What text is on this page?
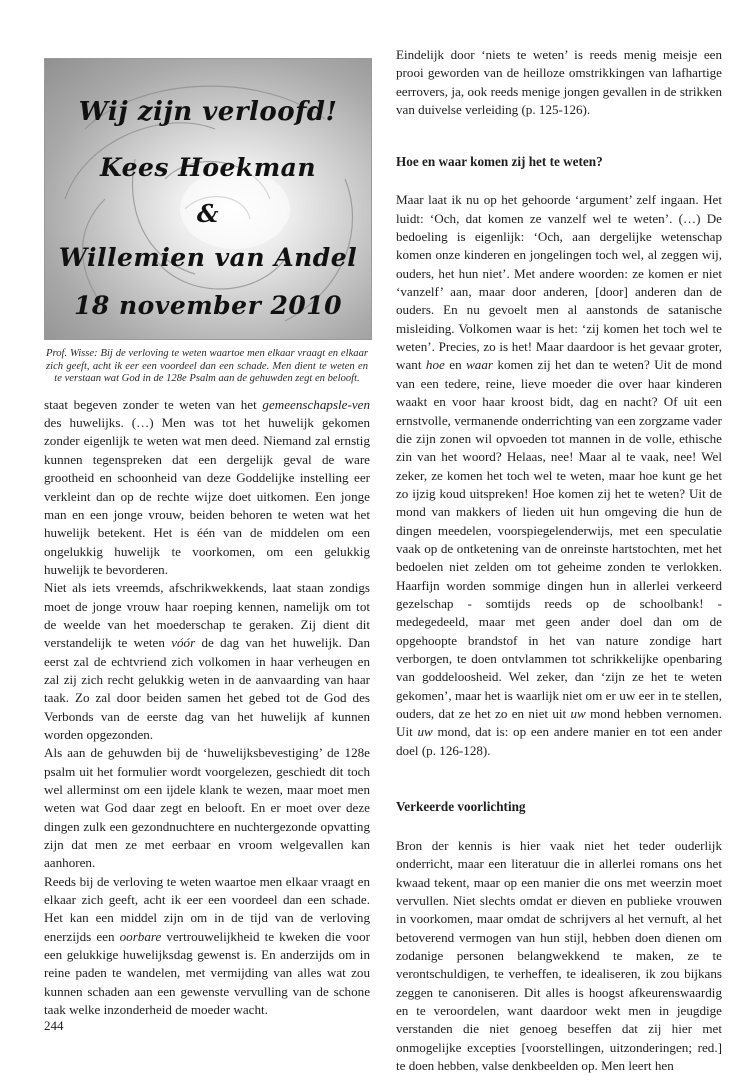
Wij zijn verloofd!
Kees Hoekman
&
Willemien van Andel
18 november 2010
Prof. Wisse: Bij de verloving te weten waartoe men elkaar vraagt en elkaar zich geeft, acht ik eer een voordeel dan een schade. Men dient te weten en te verstaan wat God in de 128e Psalm aan de gehuwden zegt en belooft.

staat begeven zonder te weten van het gemeenschapsle-ven des huwelijks. (…) Men was tot het huwelijk gekomen zonder eigenlijk te weten wat men deed. Niemand zal ernstig kunnen tegenspreken dat een dergelijk geval de ware grootheid en schoonheid van deze Goddelijke instelling eer verkleint dan op de rechte wijze doet uitkomen. Een jonge man en een jonge vrouw, beiden behoren te weten wat het huwelijk betekent. Het is één van de middelen om een ongelukkig huwelijk te voorkomen, om een gelukkig huwelijk te bevorderen.

Niet als iets vreemds, afschrikwekkends, laat staan zondigs moet de jonge vrouw haar roeping kennen, namelijk om tot de weelde van het moederschap te geraken. Zij dient dit verstandelijk te weten vóór de dag van het huwelijk. Dan eerst zal de echtvriend zich volkomen in haar verheugen en zal zij zich recht gelukkig weten in de aanvaarding van haar taak. Zo zal door beiden samen het gebed tot de God des Verbonds van de eerste dag van het huwelijk af kunnen worden opgezonden.

Als aan de gehuwden bij de ‘huwelijksbevestiging’ de 128e psalm uit het formulier wordt voorgelezen, geschiedt dit toch wel allerminst om een ijdele klank te wezen, maar moet men weten wat God daar zegt en belooft. En er moet over deze dingen zulk een gezondnuchtere en nuchtergezonde opvatting zijn dat men ze met eerbaar en vroom welgevallen kan aanhoren.

Reeds bij de verloving te weten waartoe men elkaar vraagt en elkaar zich geeft, acht ik eer een voordeel dan een schade. Het kan een middel zijn om in de tijd van de verloving enerzijds een oorbare vertrouwelijkheid te kweken die voor een gelukkige huwelijksdag gewenst is. En anderzijds om in reine paden te wandelen, met vermijding van alles wat zou kunnen schaden aan een gewenste vervulling van de schone taak welke inzonderheid de moeder wacht.

Eindelijk door ‘niets te weten’ is reeds menig meisje een prooi geworden van de heilloze omstrikkingen van lafhartige eerrovers, ja, ook reeds menige jongen gevallen in de strikken van duivelse verleiding (p. 125-126).

Hoe en waar komen zij het te weten?

Maar laat ik nu op het gehoorde ‘argument’ zelf ingaan. Het luidt: ‘Och, dat komen ze vanzelf wel te weten’. (…) De bedoeling is eigenlijk: ‘Och, aan dergelijke wetenschap komen onze kinderen en jongelingen toch wel, al zeggen wij, ouders, het hun niet’. Met andere woorden: ze komen er niet ‘vanzelf’ aan, maar door anderen, [door] anderen dan de ouders. En nu gevoelt men al aanstonds de satanische misleiding. Volkomen waar is het: ‘zij komen het toch wel te weten’. Precies, zo is het! Maar daardoor is het gevaar groter, want hoe en waar komen zij het dan te weten? Uit de mond van een tedere, reine, lieve moeder die over haar kinderen waakt en voor haar kroost bidt, dag en nacht? Of uit een ernstvolle, vermanende onderrichting van een zorgzame vader die zijn zonen wil opvoeden tot mannen in de volle, ethische zin van het woord? Helaas, nee! Maar al te vaak, nee! Wel zeker, ze komen het toch wel te weten, maar hoe kunt ge het zo ijzig koud uitspreken! Hoe komen zij het te weten? Uit de mond van makkers of lieden uit hun omgeving die hun de dingen meedelen, voorspiegelenderwijs, met een speculatie vaak op de ontketening van de onreinste hartstochten, met het bedoelen niet zelden om tot geheime zonden te verlokken. Haarfijn worden sommige dingen hun in allerlei verkeerd gezelschap - somtijds reeds op de schoolbank! - medegedeeld, maar met geen ander doel dan om de opgehoopte brandstof in het van nature zondige hart verborgen, te doen ontvlammen tot schrikkelijke openbaring van goddeloosheid. Wel zeker, dan ‘zijn ze het te weten gekomen’, maar het is waarlijk niet om er uw eer in te stellen, ouders, dat ze het zo en niet uit uw mond hebben vernomen. Uit uw mond, dat is: op een andere manier en tot een ander doel (p. 126-128).

Verkeerde voorlichting

Bron der kennis is hier vaak niet het teder ouderlijk onderricht, maar een literatuur die in allerlei romans ons het kwaad tekent, maar op een manier die ons met weerzin moet vervullen. Niet slechts omdat er dieven en publieke vrouwen in voorkomen, maar omdat de schrijvers al het vernuft, al het betoverend vermogen van hun stijl, hebben doen dienen om zodanige personen belangwekkend te maken, ze te verontschuldigen, te verheffen, te idealiseren, ik zou bijkans zeggen te canoniseren. Dit alles is hoogst afkeurenswaardig en te veroordelen, want daardoor wekt men in jeugdige verstanden die niet genoeg beseffen dat zij hier met onmogelijke excepties [voorstellingen, uitzonderingen; red.] te doen hebben, valse denkbeelden op. Men leert hen

244
